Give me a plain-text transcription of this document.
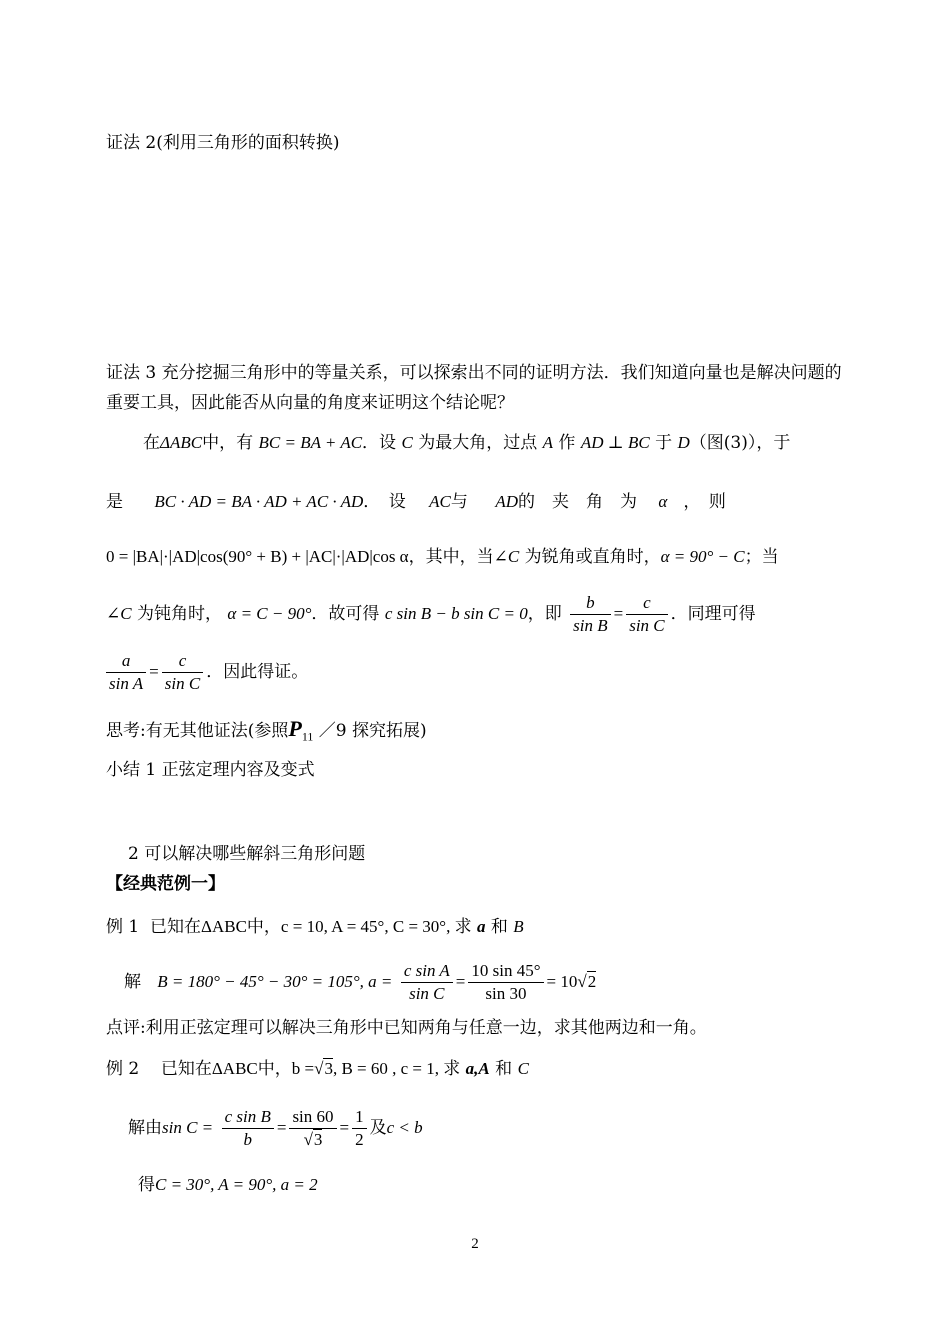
证法 2(利用三角形的面积转换)
证法 3 充分挖掘三角形中的等量关系，可以探索出不同的证明方法．我们知道向量也是解决问题的重要工具，因此能否从向量的角度来证明这个结论呢？
在ΔABC中，有 BC = BA + AC．设 C 为最大角，过点 A 作 AD ⊥ BC 于 D（图(3)），于
是 BC · AD = BA · AD + AC · AD．　设 AC与 AD的　夹　角　为 α ，　则
0 = |BA|·|AD|cos(90° + B) + |AC|·|AD|cos α，其中，当∠C 为锐角或直角时，α = 90° − C；当
∠C 为钝角时， α = C − 90°．故可得 c sin B − b sin C = 0，即 $\frac{b}{\text{sin B}} = \frac{c}{\text{sin C}}$ ．同理可得
$\frac{a}{\text{sin A}} = \frac{c}{\text{sin C}}$ ．因此得证。
思考:有无其他证法(参照$P_{11}$ ／9 探究拓展)
小结 1 正弦定理内容及变式
2 可以解决哪些解斜三角形问题
【经典范例一】
例 1 已知在ΔABC中，c = 10, A = 45°, C = 30°, 求 a 和 B
解 B = 180° − 45° − 30° = 105°, $a = \frac{\text{c sin A}}{\text{sin C}} = \frac{10 \sin 45^\circ}{\sin 30} = 10√2$
点评:利用正弦定理可以解决三角形中已知两角与任意一边，求其他两边和一角。
例 2 已知在ΔABC中，b =√3, B = 60 , c = 1, 求 a,A 和 C
解由$\sin C = \frac{\text{c sin B}}{b} = \frac{\sin 60}{√3} = \frac{1}{2}$ 及c < b
得C = 30°, A = 90°, a = 2
2
